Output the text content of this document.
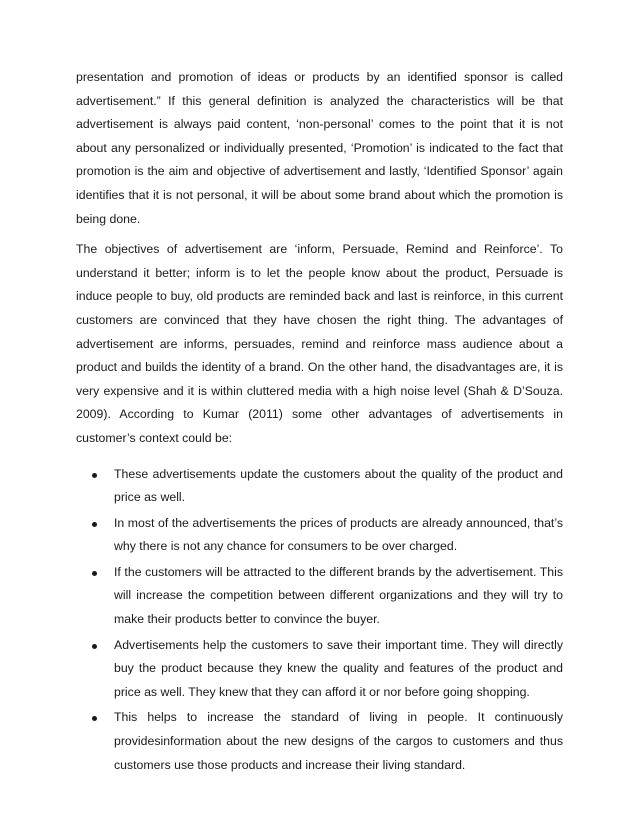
presentation and promotion of ideas or products by an identified sponsor is called advertisement.” If this general definition is analyzed the characteristics will be that advertisement is always paid content, ‘non-personal’ comes to the point that it is not about any personalized or individually presented, ‘Promotion’ is indicated to the fact that promotion is the aim and objective of advertisement and lastly, ‘Identified Sponsor’ again identifies that it is not personal, it will be about some brand about which the promotion is being done.

The objectives of advertisement are ‘inform, Persuade, Remind and Reinforce’. To understand it better; inform is to let the people know about the product, Persuade is induce people to buy, old products are reminded back and last is reinforce, in this current customers are convinced that they have chosen the right thing. The advantages of advertisement are informs, persuades, remind and reinforce mass audience about a product and builds the identity of a brand. On the other hand, the disadvantages are, it is very expensive and it is within cluttered media with a high noise level (Shah & D’Souza. 2009). According to Kumar (2011) some other advantages of advertisements in customer’s context could be:

These advertisements update the customers about the quality of the product and price as well.
In most of the advertisements the prices of products are already announced, that’s why there is not any chance for consumers to be over charged.
If the customers will be attracted to the different brands by the advertisement. This will increase the competition between different organizations and they will try to make their products better to convince the buyer.
Advertisements help the customers to save their important time. They will directly buy the product because they knew the quality and features of the product and price as well. They knew that they can afford it or nor before going shopping.
This helps to increase the standard of living in people. It continuously providesinformation about the new designs of the cargos to customers and thus customers use those products and increase their living standard.
